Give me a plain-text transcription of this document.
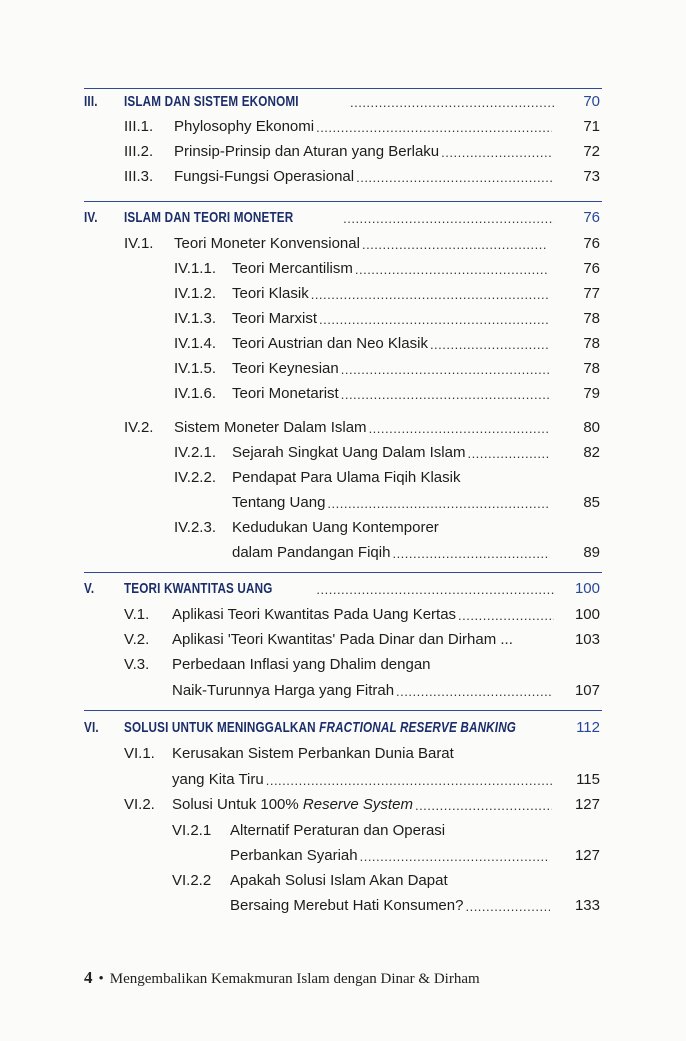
III. ISLAM DAN SISTEM EKONOMI .....	70
III.1. Phylosophy Ekonomi .....	71
III.2. Prinsip-Prinsip dan Aturan yang Berlaku .....	72
III.3. Fungsi-Fungsi Operasional .....	73
IV. ISLAM DAN TEORI MONETER .....	76
IV.1. Teori Moneter Konvensional .....	76
IV.1.1. Teori Mercantilism .....	76
IV.1.2. Teori Klasik .....	77
IV.1.3. Teori Marxist .....	78
IV.1.4. Teori Austrian dan Neo Klasik .....	78
IV.1.5. Teori Keynesian .....	78
IV.1.6. Teori Monetarist .....	79
IV.2. Sistem Moneter Dalam Islam .....	80
IV.2.1. Sejarah Singkat Uang Dalam Islam .....	82
IV.2.2. Pendapat Para Ulama Fiqih Klasik
Tentang Uang .....	85
IV.2.3. Kedudukan Uang Kontemporer
dalam Pandangan Fiqih .....	89
V. TEORI KWANTITAS UANG .....	100
V.1. Aplikasi Teori Kwantitas Pada Uang Kertas .....	100
V.2. Aplikasi 'Teori Kwantitas' Pada Dinar dan Dirham ...	103
V.3. Perbedaan Inflasi yang Dhalim dengan
Naik-Turunnya Harga yang Fitrah .....	107
VI. SOLUSI UNTUK MENINGGALKAN FRACTIONAL RESERVE BANKING	112
VI.1. Kerusakan Sistem Perbankan Dunia Barat
yang Kita Tiru .....	115
VI.2. Solusi Untuk 100% Reserve System .....	127
VI.2.1 Alternatif Peraturan dan Operasi
Perbankan Syariah .....	127
VI.2.2 Apakah Solusi Islam Akan Dapat
Bersaing Merebut Hati Konsumen? .....	133
4 • Mengembalikan Kemakmuran Islam dengan Dinar & Dirham
